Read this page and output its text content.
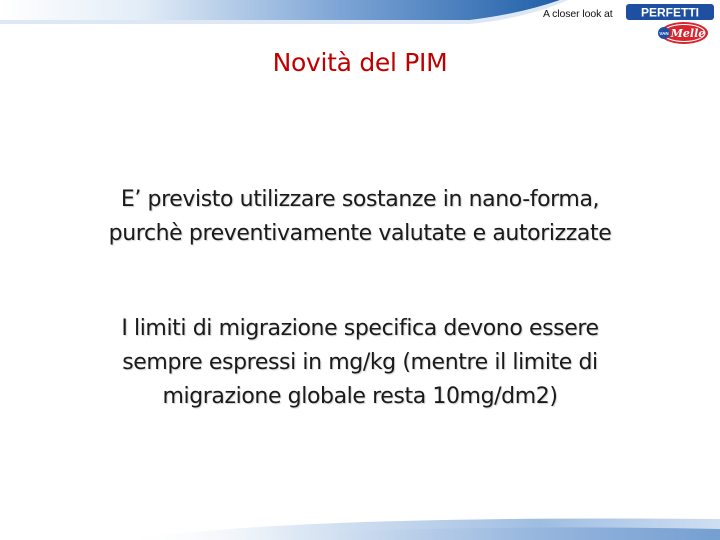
A closer look at PERFETTI
Melle
VAN
Novità del PIM
E’ previsto utilizzare sostanze in nano-forma,
purchè preventivamente valutate e autorizzate
I limiti di migrazione specifica devono essere
sempre espressi in mg/kg (mentre il limite di
migrazione globale resta 10mg/dm2)
